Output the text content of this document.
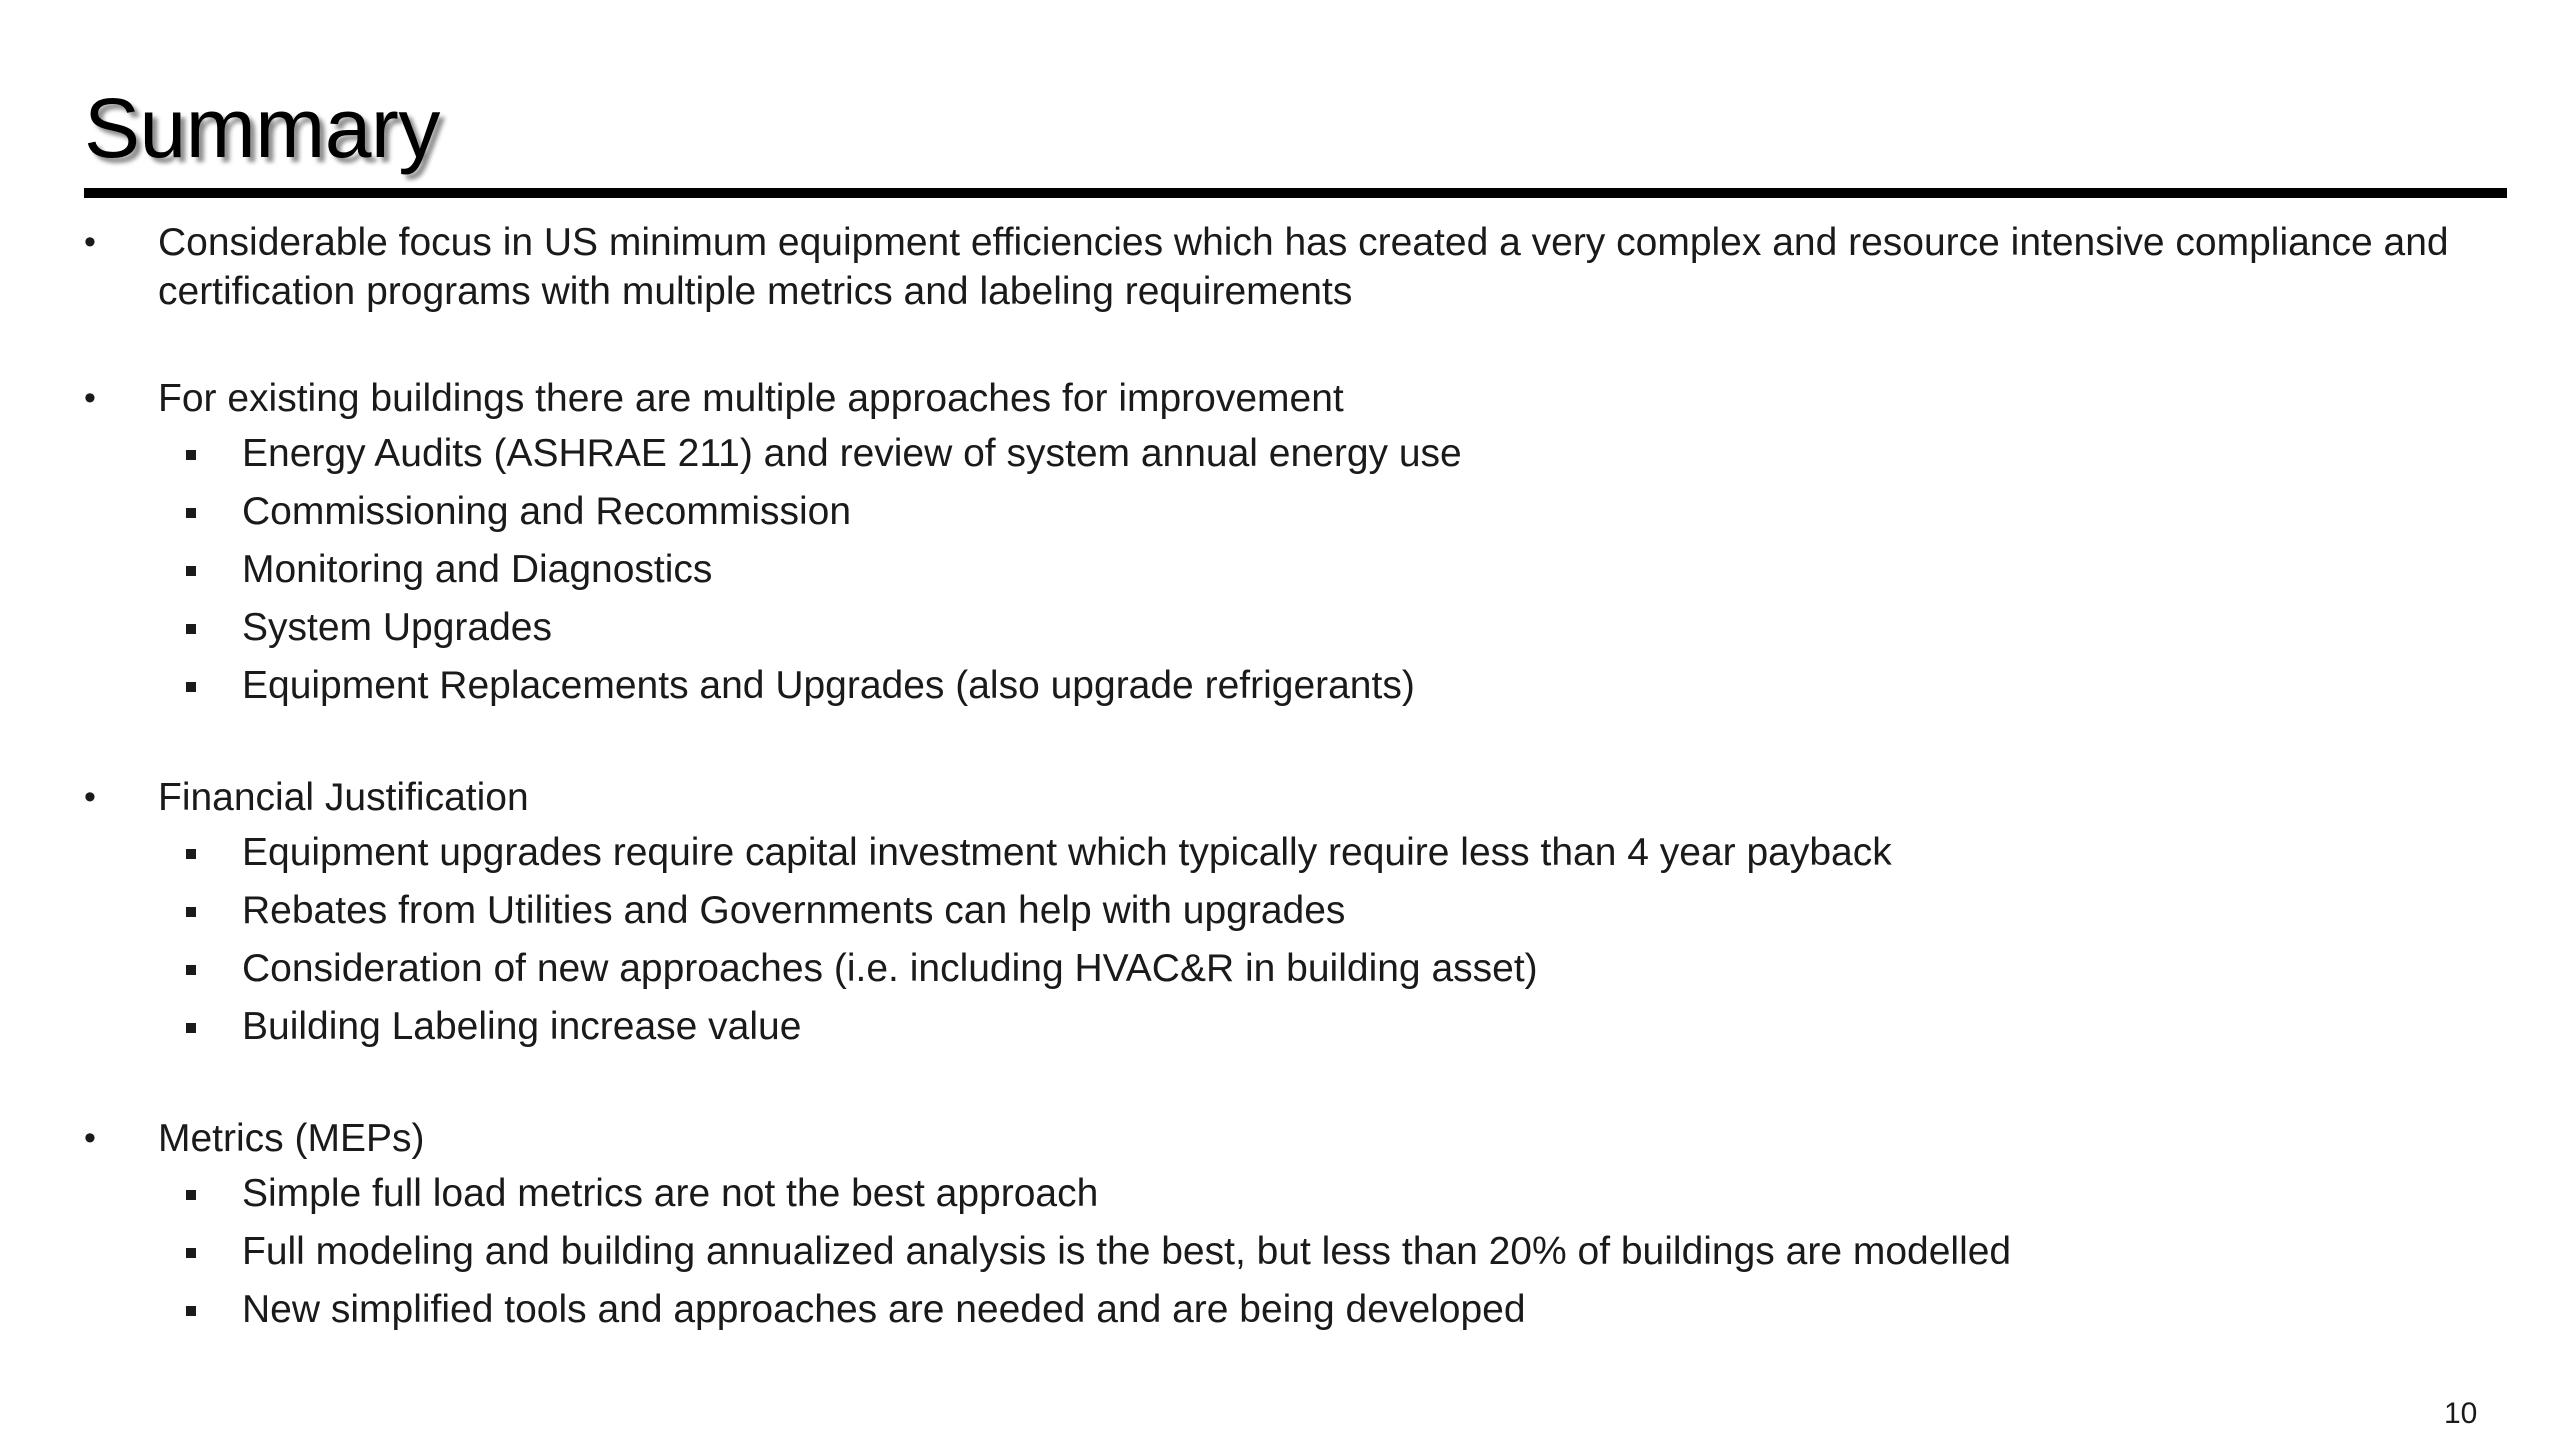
Summary
• Considerable focus in US minimum equipment efficiencies which has created a very complex and resource intensive compliance and certification programs with multiple metrics and labeling requirements
• For existing buildings there are multiple approaches for improvement
Energy Audits (ASHRAE 211) and review of system annual energy use
Commissioning and Recommission
Monitoring and Diagnostics
System Upgrades
Equipment Replacements and Upgrades (also upgrade refrigerants)
• Financial Justification
Equipment upgrades require capital investment which typically require less than 4 year payback
Rebates from Utilities and Governments can help with upgrades
Consideration of new approaches (i.e. including HVAC&R in building asset)
Building Labeling increase value
• Metrics (MEPs)
Simple full load metrics are not the best approach
Full modeling and building annualized analysis is the best, but less than 20% of buildings are modelled
New simplified tools and approaches are needed and are being developed
10
